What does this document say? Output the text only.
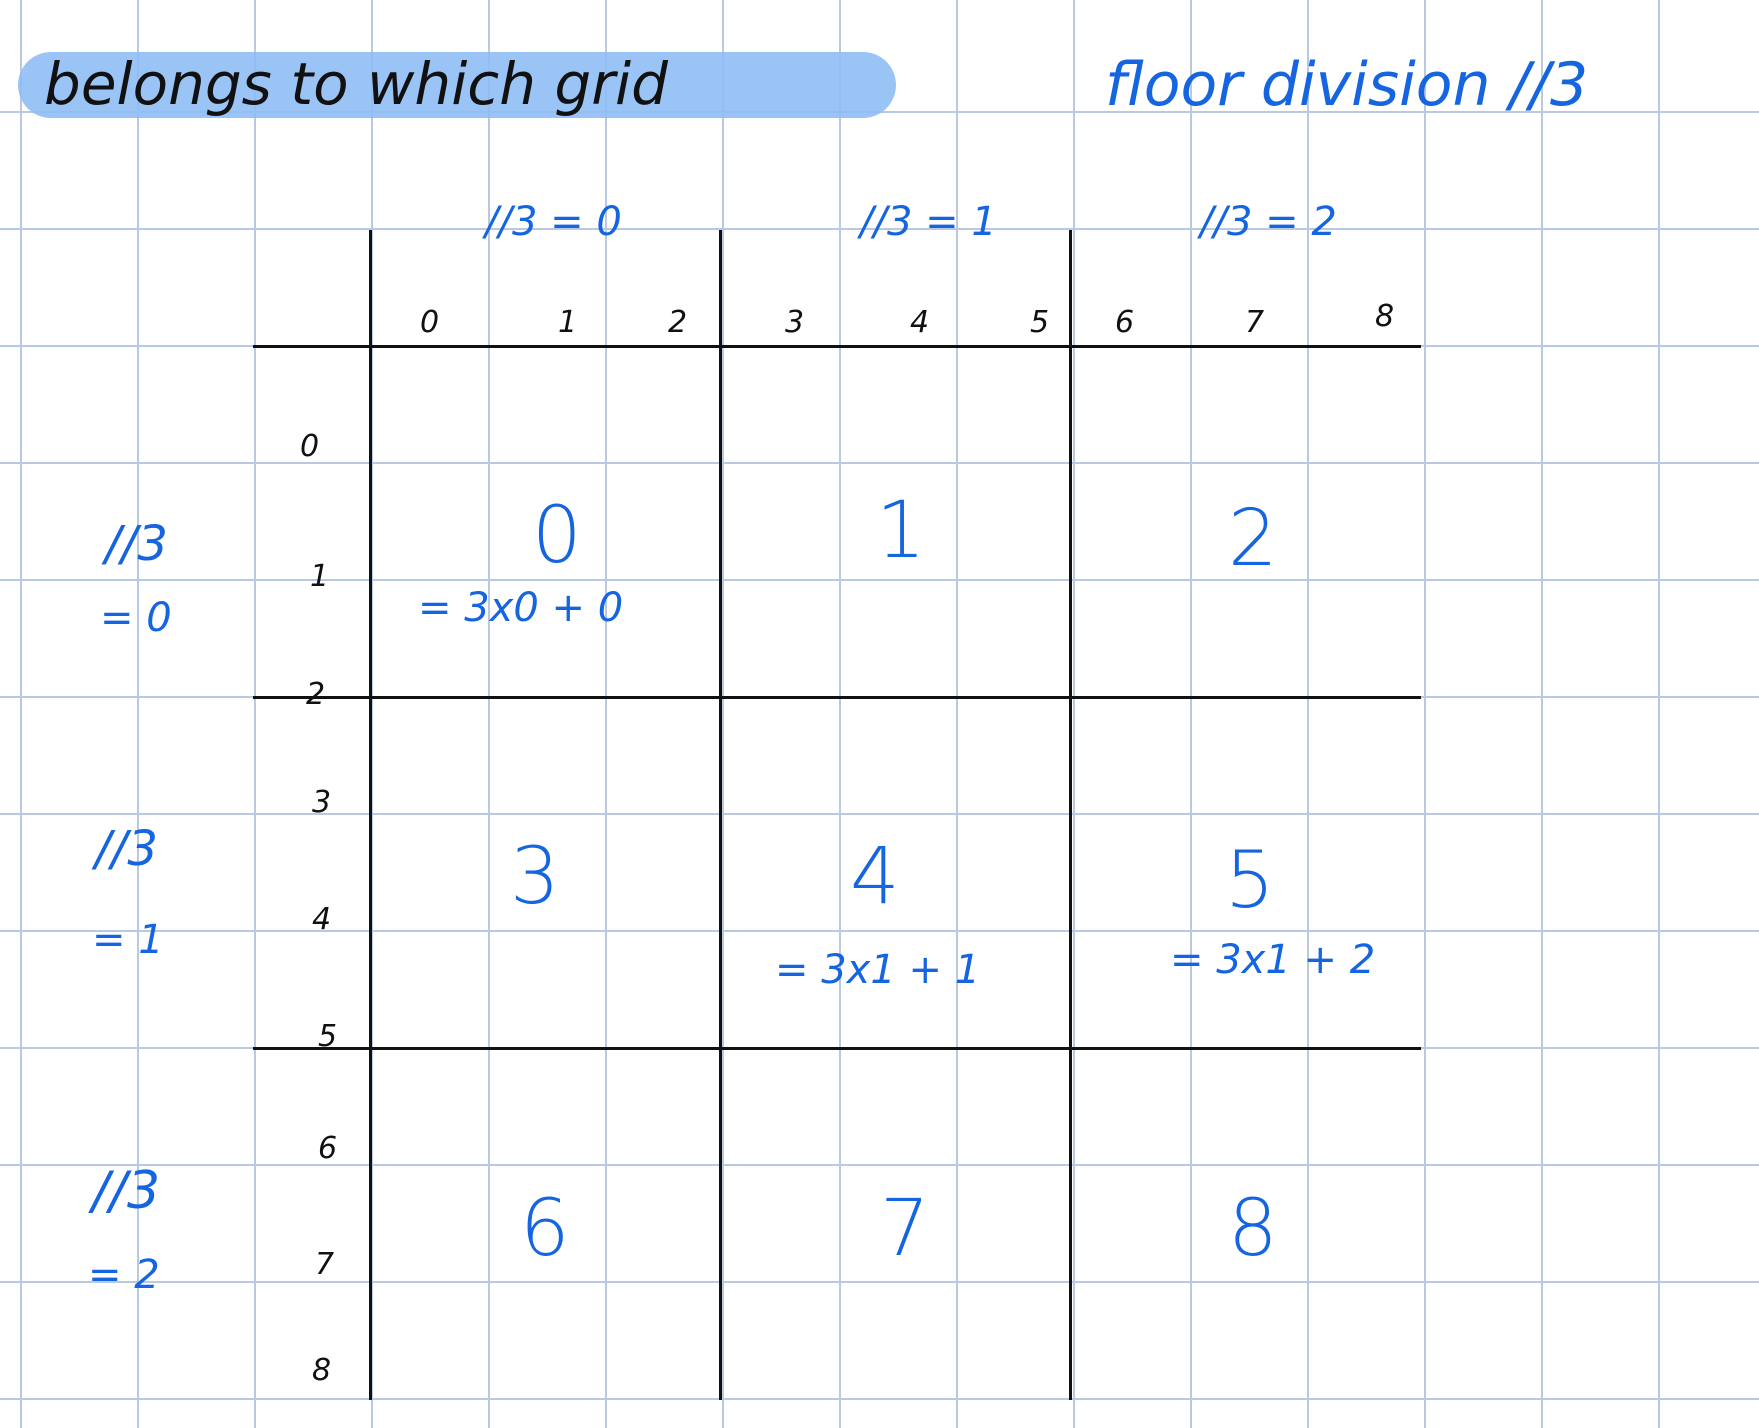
belongs to which grid	floor division //3
//3 = 0	//3 = 1	//3 = 2
0	1	2	3	4	5 6	7	8
0
1
2
3
4
5
6
7
8
//3
= 0
//3
= 1
//3
= 2
0	1	2
3	4	5
6	7	8
= 3x0 + 0
= 3x1 + 1	= 3x1 + 2
